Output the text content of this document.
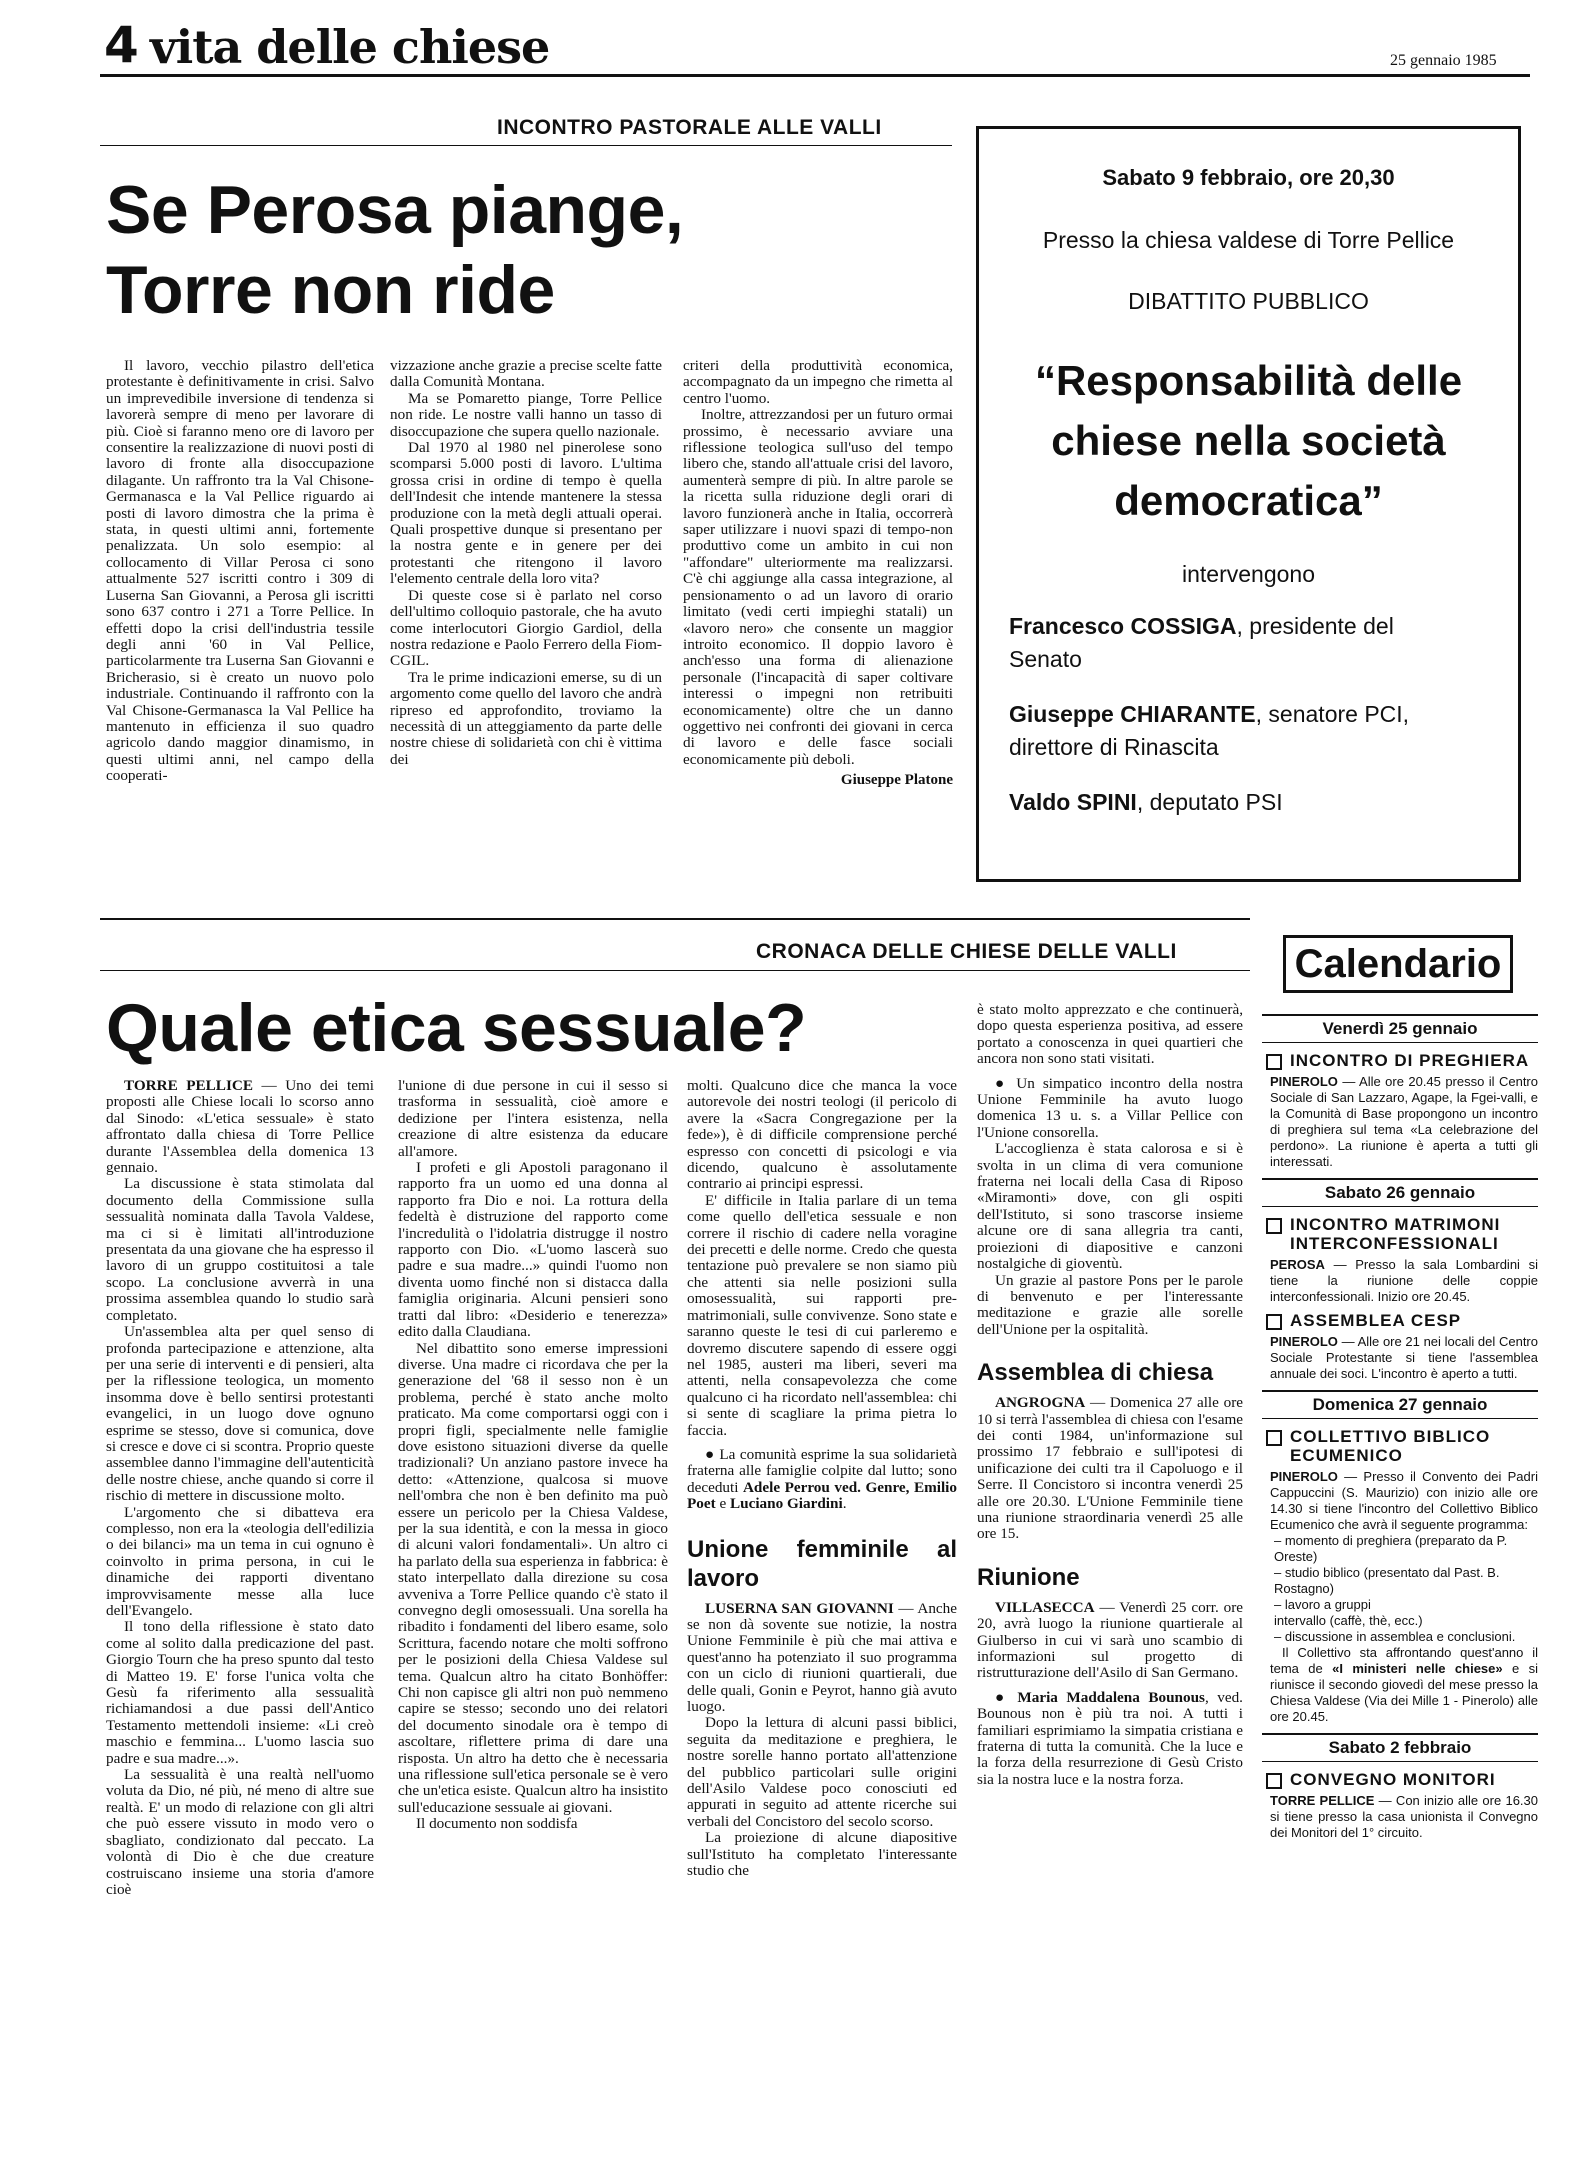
4 vita delle chiese	25 gennaio 1985
INCONTRO PASTORALE ALLE VALLI
Se Perosa piange,
Torre non ride

Il lavoro, vecchio pilastro dell'etica protestante è definitivamente in crisi. Salvo un imprevedibile inversione di tendenza si lavorerà sempre di meno per lavorare di più. Cioè si faranno meno ore di lavoro per consentire la realizzazione di nuovi posti di lavoro di fronte alla disoccupazione dilagante. Un raffronto tra la Val Chisone-Germanasca e la Val Pellice riguardo ai posti di lavoro dimostra che la prima è stata, in questi ultimi anni, fortemente penalizzata. Un solo esempio: al collocamento di Villar Perosa ci sono attualmente 527 iscritti contro i 309 di Luserna San Giovanni, a Perosa gli iscritti sono 637 contro i 271 a Torre Pellice. In effetti dopo la crisi dell'industria tessile degli anni '60 in Val Pellice, particolarmente tra Luserna San Giovanni e Bricherasio, si è creato un nuovo polo industriale. Continuando il raffronto con la Val Chisone-Germanasca la Val Pellice ha mantenuto in efficienza il suo quadro agricolo dando maggior dinamismo, in questi ultimi anni, nel campo della cooperati-

vizzazione anche grazie a precise scelte fatte dalla Comunità Montana.

Ma se Pomaretto piange, Torre Pellice non ride. Le nostre valli hanno un tasso di disoccupazione che supera quello nazionale.

Dal 1970 al 1980 nel pinerolese sono scomparsi 5.000 posti di lavoro. L'ultima grossa crisi in ordine di tempo è quella dell'Indesit che intende mantenere la stessa produzione con la metà degli attuali operai. Quali prospettive dunque si presentano per la nostra gente e in genere per dei protestanti che ritengono il lavoro l'elemento centrale della loro vita?

Di queste cose si è parlato nel corso dell'ultimo colloquio pastorale, che ha avuto come interlocutori Giorgio Gardiol, della nostra redazione e Paolo Ferrero della Fiom-CGIL.

Tra le prime indicazioni emerse, su di un argomento come quello del lavoro che andrà ripreso ed approfondito, troviamo la necessità di un atteggiamento da parte delle nostre chiese di solidarietà con chi è vittima dei

criteri della produttività economica, accompagnato da un impegno che rimetta al centro l'uomo.

Inoltre, attrezzandosi per un futuro ormai prossimo, è necessario avviare una riflessione teologica sull'uso del tempo libero che, stando all'attuale crisi del lavoro, aumenterà sempre di più. In altre parole se la ricetta sulla riduzione degli orari di lavoro funzionerà anche in Italia, occorrerà saper utilizzare i nuovi spazi di tempo-non produttivo come un ambito in cui non "affondare" ulteriormente ma realizzarsi. C'è chi aggiunge alla cassa integrazione, al pensionamento o ad un lavoro di orario limitato (vedi certi impieghi statali) un «lavoro nero» che consente un maggior introito economico. Il doppio lavoro è anch'esso una forma di alienazione personale (l'incapacità di saper coltivare interessi o impegni non retribuiti economicamente) oltre che un danno oggettivo nei confronti dei giovani in cerca di lavoro e delle fasce sociali economicamente più deboli.

Giuseppe Platone
Sabato 9 febbraio, ore 20,30
Presso la chiesa valdese di Torre Pellice
DIBATTITO PUBBLICO
“Responsabilità delle
chiese nella società
democratica”
intervengono
Francesco COSSIGA, presidente del Senato
Giuseppe CHIARANTE, senatore PCI, direttore di Rinascita
Valdo SPINI, deputato PSI
CRONACA DELLE CHIESE DELLE VALLI
Quale etica sessuale?

TORRE PELLICE — Uno dei temi proposti alle Chiese locali lo scorso anno dal Sinodo: «L'etica sessuale» è stato affrontato dalla chiesa di Torre Pellice durante l'Assemblea della domenica 13 gennaio.

La discussione è stata stimolata dal documento della Commissione sulla sessualità nominata dalla Tavola Valdese, ma ci si è limitati all'introduzione presentata da una giovane che ha espresso il lavoro di un gruppo costituitosi a tale scopo. La conclusione avverrà in una prossima assemblea quando lo studio sarà completato.

Un'assemblea alta per quel senso di profonda partecipazione e attenzione, alta per una serie di interventi e di pensieri, alta per la riflessione teologica, un momento insomma dove è bello sentirsi protestanti evangelici, in un luogo dove ognuno esprime se stesso, dove si comunica, dove si cresce e dove ci si scontra. Proprio queste assemblee danno l'immagine dell'autenticità delle nostre chiese, anche quando si corre il rischio di mettere in discussione molto.

L'argomento che si dibatteva era complesso, non era la «teologia dell'edilizia o dei bilanci» ma un tema in cui ognuno è coinvolto in prima persona, in cui le dinamiche dei rapporti diventano improvvisamente messe alla luce dell'Evangelo.

Il tono della riflessione è stato dato come al solito dalla predicazione del past. Giorgio Tourn che ha preso spunto dal testo di Matteo 19. E' forse l'unica volta che Gesù fa riferimento alla sessualità richiamandosi a due passi dell'Antico Testamento mettendoli insieme: «Li creò maschio e femmina... L'uomo lascia suo padre e sua madre...».

La sessualità è una realtà nell'uomo voluta da Dio, né più, né meno di altre sue realtà. E' un modo di relazione con gli altri che può essere vissuto in modo vero o sbagliato, condizionato dal peccato. La volontà di Dio è che due creature costruiscano insieme una storia d'amore cioè

l'unione di due persone in cui il sesso si trasforma in sessualità, cioè amore e dedizione per l'intera esistenza, nella creazione di altre esistenza da educare all'amore.

I profeti e gli Apostoli paragonano il rapporto fra un uomo ed una donna al rapporto fra Dio e noi. La rottura della fedeltà è distruzione del rapporto come l'incredulità o l'idolatria distrugge il nostro rapporto con Dio. «L'uomo lascerà suo padre e sua madre...» quindi l'uomo non diventa uomo finché non si distacca dalla famiglia originaria. Alcuni pensieri sono tratti dal libro: «Desiderio e tenerezza» edito dalla Claudiana.

Nel dibattito sono emerse impressioni diverse. Una madre ci ricordava che per la generazione del '68 il sesso non è un problema, perché è stato anche molto praticato. Ma come comportarsi oggi con i propri figli, specialmente nelle famiglie dove esistono situazioni diverse da quelle tradizionali? Un anziano pastore invece ha detto: «Attenzione, qualcosa si muove nell'ombra che non è ben definito ma può essere un pericolo per la Chiesa Valdese, per la sua identità, e con la messa in gioco di alcuni valori fondamentali». Un altro ci ha parlato della sua esperienza in fabbrica: è stato interpellato dalla direzione su cosa avveniva a Torre Pellice quando c'è stato il convegno degli omosessuali. Una sorella ha ribadito i fondamenti del libero esame, solo Scrittura, facendo notare che molti soffrono per le posizioni della Chiesa Valdese sul tema. Qualcun altro ha citato Bonhöffer: Chi non capisce gli altri non può nemmeno capire se stesso; secondo uno dei relatori del documento sinodale ora è tempo di ascoltare, riflettere prima di dare una risposta. Un altro ha detto che è necessaria una riflessione sull'etica personale se è vero che un'etica esiste. Qualcun altro ha insistito sull'educazione sessuale ai giovani.

Il documento non soddisfa

molti. Qualcuno dice che manca la voce autorevole dei nostri teologi (il pericolo di avere la «Sacra Congregazione per la fede»), è di difficile comprensione perché espresso con concetti di psicologi e via dicendo, qualcuno è assolutamente contrario ai principi espressi.

E' difficile in Italia parlare di un tema come quello dell'etica sessuale e non correre il rischio di cadere nella voragine dei precetti e delle norme. Credo che questa tentazione può prevalere se non siamo più che attenti sia nelle posizioni sulla omosessualità, sui rapporti pre-matrimoniali, sulle convivenze. Sono state e saranno queste le tesi di cui parleremo e dovremo discutere sapendo di essere oggi nel 1985, austeri ma liberi, severi ma attenti, nella consapevolezza che come qualcuno ci ha ricordato nell'assemblea: chi si sente di scagliare la prima pietra lo faccia.

● La comunità esprime la sua solidarietà fraterna alle famiglie colpite dal lutto; sono deceduti Adele Perrou ved. Genre, Emilio Poet e Luciano Giardini.

Unione femminile al lavoro

LUSERNA SAN GIOVANNI — Anche se non dà sovente sue notizie, la nostra Unione Femminile è più che mai attiva e quest'anno ha potenziato il suo programma con un ciclo di riunioni quartierali, due delle quali, Gonin e Peyrot, hanno già avuto luogo.

Dopo la lettura di alcuni passi biblici, seguita da meditazione e preghiera, le nostre sorelle hanno portato all'attenzione del pubblico particolari sulle origini dell'Asilo Valdese poco conosciuti ed appurati in seguito ad attente ricerche sui verbali del Concistoro del secolo scorso.

La proiezione di alcune diapositive sull'Istituto ha completato l'interessante studio che

è stato molto apprezzato e che continuerà, dopo questa esperienza positiva, ad essere portato a conoscenza in quei quartieri che ancora non sono stati visitati.

● Un simpatico incontro della nostra Unione Femminile ha avuto luogo domenica 13 u. s. a Villar Pellice con l'Unione consorella.

L'accoglienza è stata calorosa e si è svolta in un clima di vera comunione fraterna nei locali della Casa di Riposo «Miramonti» dove, con gli ospiti dell'Istituto, si sono trascorse insieme alcune ore di sana allegria tra canti, proiezioni di diapositive e canzoni nostalgiche di gioventù.

Un grazie al pastore Pons per le parole di benvenuto e per l'interessante meditazione e grazie alle sorelle dell'Unione per la ospitalità.

Assemblea di chiesa

ANGROGNA — Domenica 27 alle ore 10 si terrà l'assemblea di chiesa con l'esame dei conti 1984, un'informazione sul prossimo 17 febbraio e sull'ipotesi di unificazione dei culti tra il Capoluogo e il Serre. Il Concistoro si incontra venerdì 25 alle ore 20.30. L'Unione Femminile tiene una riunione straordinaria venerdì 25 alle ore 15.

Riunione

VILLASECCA — Venerdì 25 corr. ore 20, avrà luogo la riunione quartierale al Giulberso in cui vi sarà uno scambio di informazioni sul progetto di ristrutturazione dell'Asilo di San Germano.

● Maria Maddalena Bounous, ved. Bounous non è più tra noi. A tutti i familiari esprimiamo la simpatia cristiana e fraterna di tutta la comunità. Che la luce e la forza della resurrezione di Gesù Cristo sia la nostra luce e la nostra forza.

Calendario
Venerdì 25 gennaio
INCONTRO DI PREGHIERA
PINEROLO — Alle ore 20.45 presso il Centro Sociale di San Lazzaro, Agape, la Fgei-valli, e la Comunità di Base propongono un incontro di preghiera sul tema «La celebrazione del perdono». La riunione è aperta a tutti gli interessati.
Sabato 26 gennaio
INCONTRO MATRIMONI INTERCONFESSIONALI
PEROSA — Presso la sala Lombardini si tiene la riunione delle coppie interconfessionali. Inizio ore 20.45.
ASSEMBLEA CESP
PINEROLO — Alle ore 21 nei locali del Centro Sociale Protestante si tiene l'assemblea annuale dei soci. L'incontro è aperto a tutti.
Domenica 27 gennaio
COLLETTIVO BIBLICO ECUMENICO
PINEROLO — Presso il Convento dei Padri Cappuccini (S. Maurizio) con inizio alle ore 14.30 si tiene l'incontro del Collettivo Biblico Ecumenico che avrà il seguente programma:
– momento di preghiera (preparato da P. Oreste)
– studio biblico (presentato dal Past. B. Rostagno)
– lavoro a gruppi
intervallo (caffè, thè, ecc.)
– discussione in assemblea e conclusioni.
Il Collettivo sta affrontando quest'anno il tema de «I ministeri nelle chiese» e si riunisce il secondo giovedì del mese presso la Chiesa Valdese (Via dei Mille 1 - Pinerolo) alle ore 20.45.
Sabato 2 febbraio
CONVEGNO MONITORI
TORRE PELLICE — Con inizio alle ore 16.30 si tiene presso la casa unionista il Convegno dei Monitori del 1° circuito.
